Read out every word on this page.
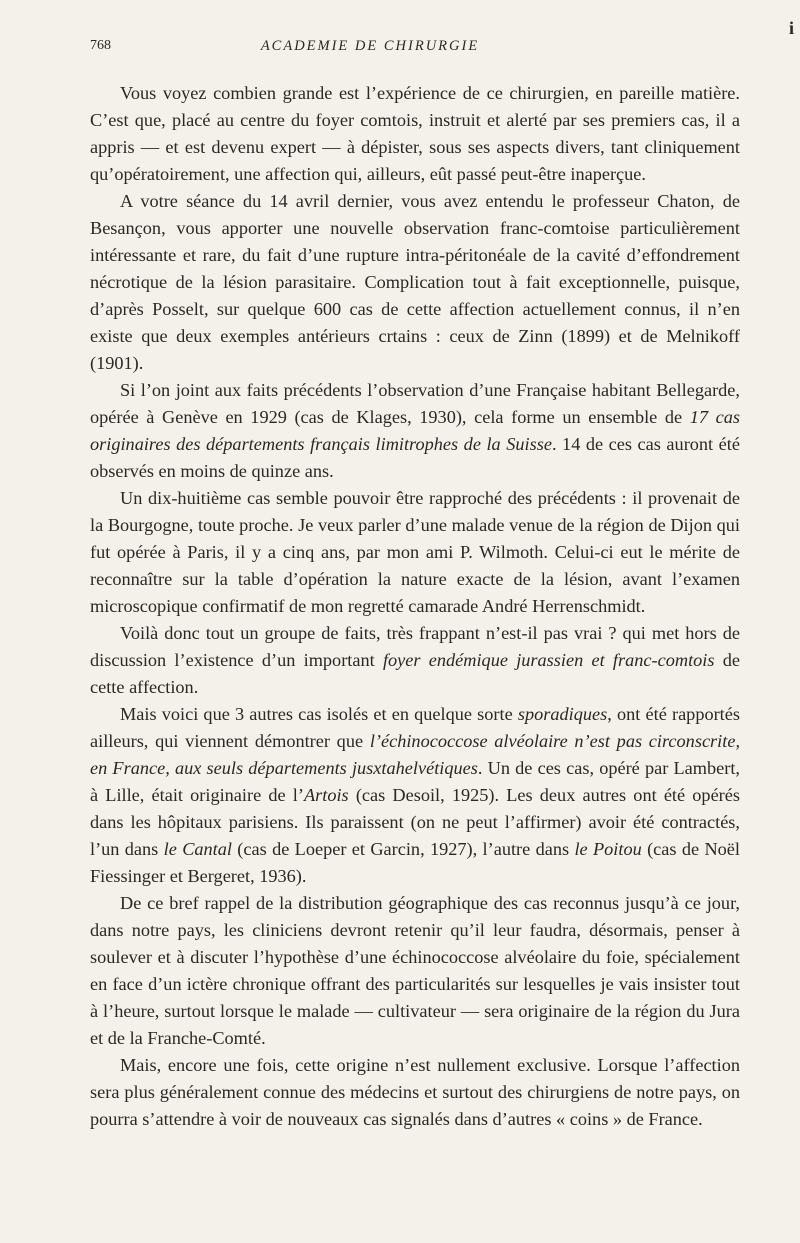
i
768	ACADEMIE DE CHIRURGIE

Vous voyez combien grande est l’expérience de ce chirurgien, en pareille matière. C’est que, placé au centre du foyer comtois, instruit et alerté par ses premiers cas, il a appris — et est devenu expert — à dépister, sous ses aspects divers, tant cliniquement qu’opératoirement, une affection qui, ailleurs, eût passé peut-être inaperçue.

A votre séance du 14 avril dernier, vous avez entendu le professeur Chaton, de Besançon, vous apporter une nouvelle observation franc-comtoise particulièrement intéressante et rare, du fait d’une rupture intra-péritonéale de la cavité d’effondrement nécrotique de la lésion parasitaire. Complication tout à fait exceptionnelle, puisque, d’après Posselt, sur quelque 600 cas de cette affection actuellement connus, il n’en existe que deux exemples antérieurs crtains : ceux de Zinn (1899) et de Melnikoff (1901).

Si l’on joint aux faits précédents l’observation d’une Française habitant Bellegarde, opérée à Genève en 1929 (cas de Klages, 1930), cela forme un ensemble de 17 cas originaires des départements français limitrophes de la Suisse. 14 de ces cas auront été observés en moins de quinze ans.

Un dix-huitième cas semble pouvoir être rapproché des précédents : il provenait de la Bourgogne, toute proche. Je veux parler d’une malade venue de la région de Dijon qui fut opérée à Paris, il y a cinq ans, par mon ami P. Wilmoth. Celui-ci eut le mérite de reconnaître sur la table d’opération la nature exacte de la lésion, avant l’examen microscopique confirmatif de mon regretté camarade André Herrenschmidt.

Voilà donc tout un groupe de faits, très frappant n’est-il pas vrai ? qui met hors de discussion l’existence d’un important foyer endémique jurassien et franc-comtois de cette affection.

Mais voici que 3 autres cas isolés et en quelque sorte sporadiques, ont été rapportés ailleurs, qui viennent démontrer que l’échinococcose alvéolaire n’est pas circonscrite, en France, aux seuls départements jusxtahelvétiques. Un de ces cas, opéré par Lambert, à Lille, était originaire de l’Artois (cas Desoil, 1925). Les deux autres ont été opérés dans les hôpitaux parisiens. Ils paraissent (on ne peut l’affirmer) avoir été contractés, l’un dans le Cantal (cas de Loeper et Garcin, 1927), l’autre dans le Poitou (cas de Noël Fiessinger et Bergeret, 1936).

De ce bref rappel de la distribution géographique des cas reconnus jusqu’à ce jour, dans notre pays, les cliniciens devront retenir qu’il leur faudra, désormais, penser à soulever et à discuter l’hypothèse d’une échinococcose alvéolaire du foie, spécialement en face d’un ictère chronique offrant des particularités sur lesquelles je vais insister tout à l’heure, surtout lorsque le malade — cultivateur — sera originaire de la région du Jura et de la Franche-Comté.

Mais, encore une fois, cette origine n’est nullement exclusive. Lorsque l’affection sera plus généralement connue des médecins et surtout des chirurgiens de notre pays, on pourra s’attendre à voir de nouveaux cas signalés dans d’autres « coins » de France.
